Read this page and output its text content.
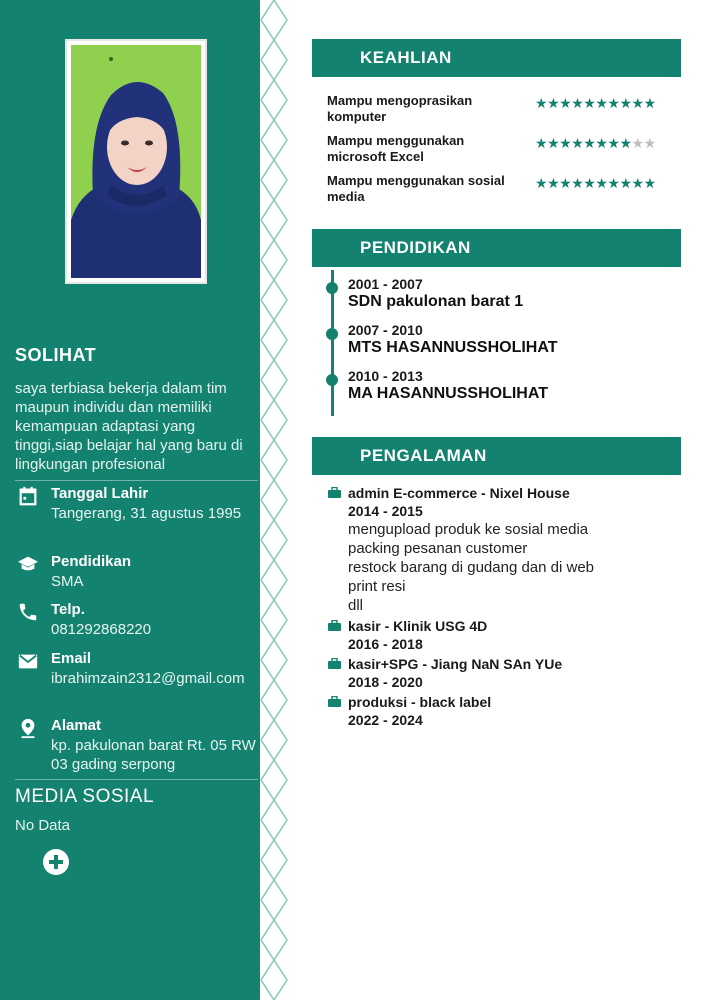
SOLIHAT
saya terbiasa bekerja dalam tim maupun individu dan memiliki kemampuan adaptasi yang tinggi,siap belajar hal yang baru di lingkungan profesional
Tanggal Lahir
Tangerang, 31 agustus 1995
Pendidikan
SMA
Telp.
081292868220
Email
ibrahimzain2312@gmail.com
Alamat
kp. pakulonan barat Rt. 05 RW 03 gading serpong
MEDIA SOSIAL
No Data
KEAHLIAN
Mampu mengoprasikan komputer
★★★★★★★★★★
Mampu menggunakan microsoft Excel
★★★★★★★★★★
Mampu menggunakan sosial media
★★★★★★★★★★
PENDIDIKAN
2001 - 2007
SDN pakulonan barat 1
2007 - 2010
MTS HASANNUSSHOLIHAT
2010 - 2013
MA HASANNUSSHOLIHAT
PENGALAMAN
admin E-commerce - Nixel House
2014 - 2015
mengupload produk ke sosial media
packing pesanan customer
restock barang di gudang dan di web
print resi
dll
kasir - Klinik USG 4D
2016 - 2018
kasir+SPG - Jiang NaN SAn YUe
2018 - 2020
produksi - black label
2022 - 2024
